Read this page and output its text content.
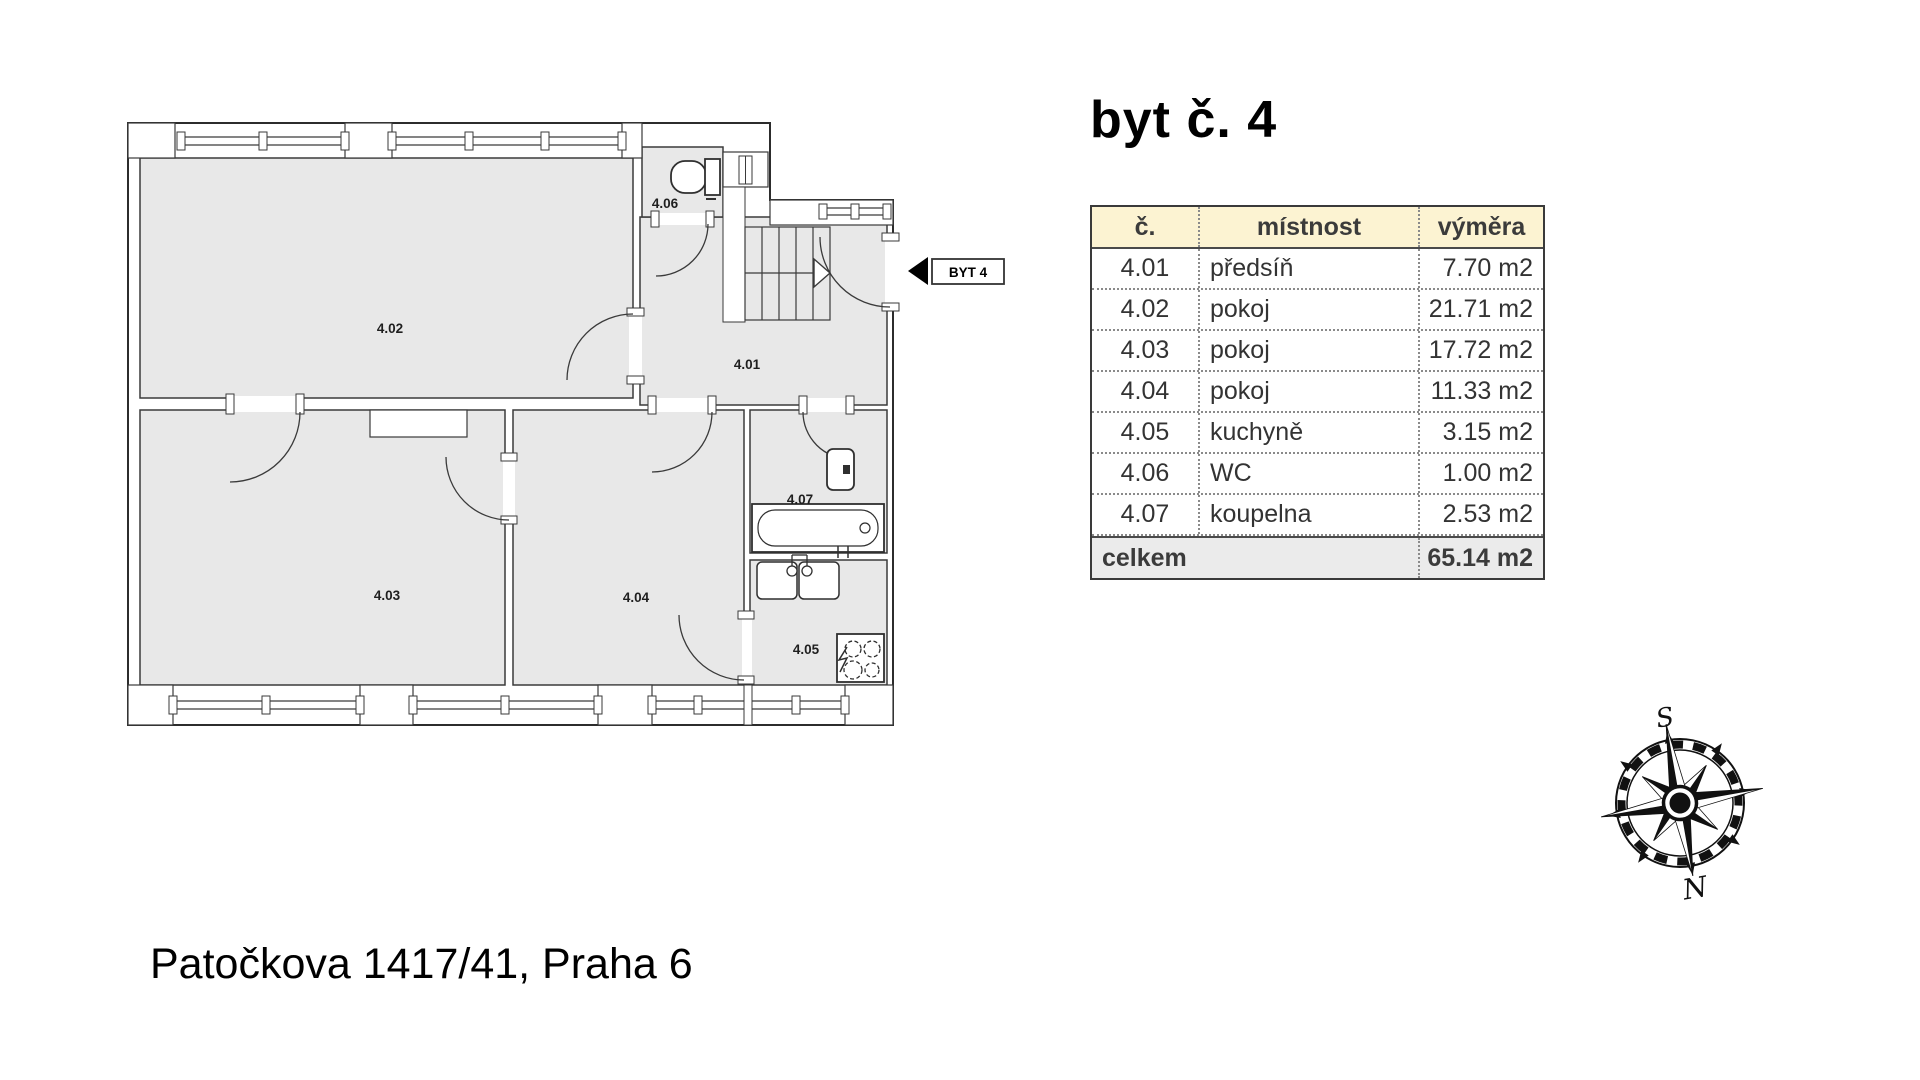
BYT 4
4.01
4.02
4.03	4.04
4.05
4.06
4.07
byt č. 4
č.	místnost	výměra
4.01	předsíň	7.70 m2
4.02	pokoj	21.71 m2
4.03	pokoj	17.72 m2
4.04	pokoj	11.33 m2
4.05	kuchyně	3.15 m2
4.06	WC	1.00 m2
4.07	koupelna	2.53 m2
celkem	65.14 m2
S
N
Patočkova 1417/41, Praha 6
